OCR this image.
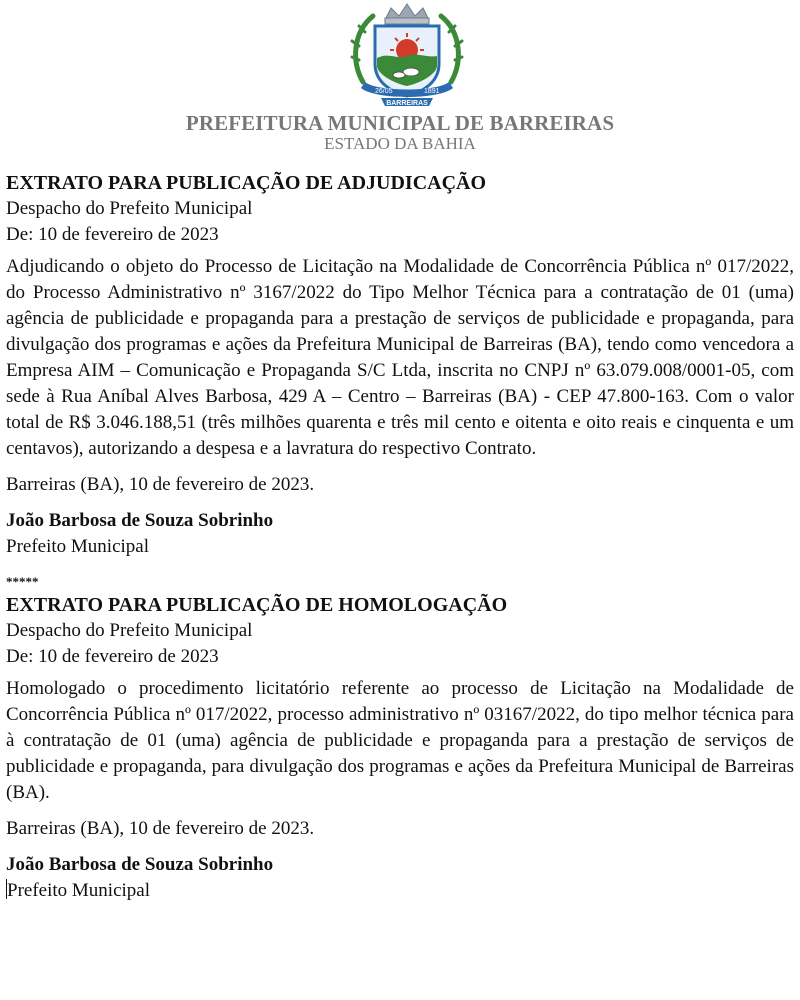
26/05	1891
BARREIRAS
PREFEITURA MUNICIPAL DE BARREIRAS
ESTADO DA BAHIA

EXTRATO PARA PUBLICAÇÃO DE ADJUDICAÇÃO

Despacho do Prefeito Municipal

De: 10 de fevereiro de 2023

Adjudicando o objeto do Processo de Licitação na Modalidade de Concorrência Pública nº 017/2022, do Processo Administrativo nº 3167/2022 do Tipo Melhor Técnica para a contratação de 01 (uma) agência de publicidade e propaganda para a prestação de serviços de publicidade e propaganda, para divulgação dos programas e ações da Prefeitura Municipal de Barreiras (BA), tendo como vencedora a Empresa AIM – Comunicação e Propaganda S/C Ltda, inscrita no CNPJ nº 63.079.008/0001-05, com sede à Rua Aníbal Alves Barbosa, 429 A – Centro – Barreiras (BA) - CEP 47.800-163. Com o valor total de R$ 3.046.188,51 (três milhões quarenta e três mil cento e oitenta e oito reais e cinquenta e um centavos), autorizando a despesa e a lavratura do respectivo Contrato.

Barreiras (BA), 10 de fevereiro de 2023.

João Barbosa de Souza Sobrinho

Prefeito Municipal

*****

EXTRATO PARA PUBLICAÇÃO DE HOMOLOGAÇÃO

Despacho do Prefeito Municipal

De: 10 de fevereiro de 2023

Homologado o procedimento licitatório referente ao processo de Licitação na Modalidade de Concorrência Pública nº 017/2022, processo administrativo nº 03167/2022, do tipo melhor técnica para à contratação de 01 (uma) agência de publicidade e propaganda para a prestação de serviços de publicidade e propaganda, para divulgação dos programas e ações da Prefeitura Municipal de Barreiras (BA).

Barreiras (BA), 10 de fevereiro de 2023.

João Barbosa de Souza Sobrinho

Prefeito Municipal
